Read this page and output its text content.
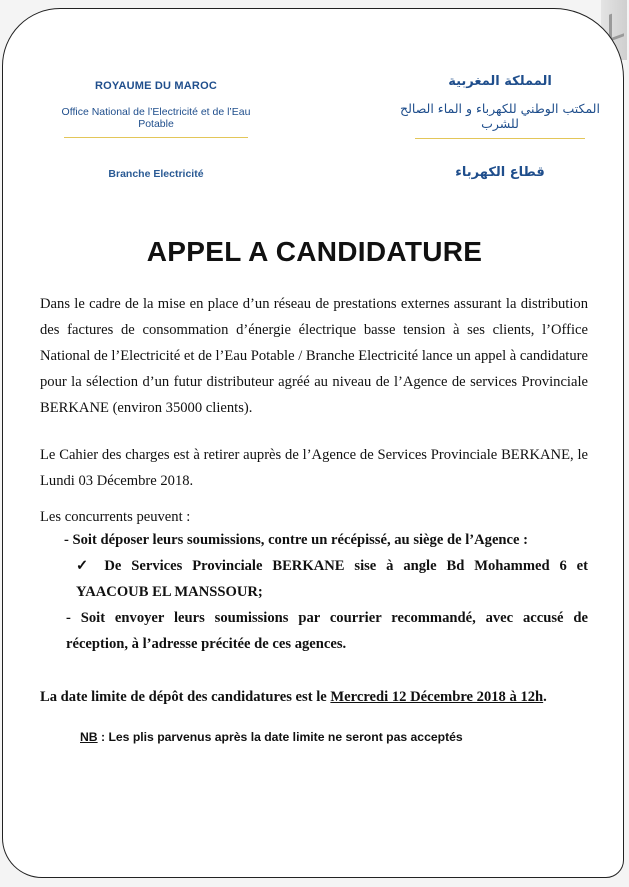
ROYAUME DU MAROC
Office National de l’Electricité et de l’Eau Potable
Branche Electricité
المملكة المغربية
المكتب الوطني للكهرباء و الماء الصالح للشرب
قطاع الكهرباء
APPEL A CANDIDATURE
Dans le cadre de la mise en place d’un réseau de prestations externes assurant la distribution des factures de consommation d’énergie électrique basse tension à ses clients, l’Office National de l’Electricité et de l’Eau Potable / Branche Electricité lance un appel à candidature pour la sélection d’un futur distributeur agréé au niveau de l’Agence de services Provinciale BERKANE (environ 35000 clients).
Le Cahier des charges est à retirer auprès de l’Agence de Services Provinciale BERKANE, le Lundi 03 Décembre 2018.
Les concurrents peuvent :
- Soit déposer leurs soumissions, contre un récépissé, au siège de l’Agence :
✓ De Services Provinciale BERKANE sise à angle Bd Mohammed 6 et YAACOUB EL MANSSOUR;
- Soit envoyer leurs soumissions par courrier recommandé, avec accusé de réception, à l’adresse précitée de ces agences.
La date limite de dépôt des candidatures est le Mercredi 12 Décembre 2018 à 12h.
NB : Les plis parvenus après la date limite ne seront pas acceptés
